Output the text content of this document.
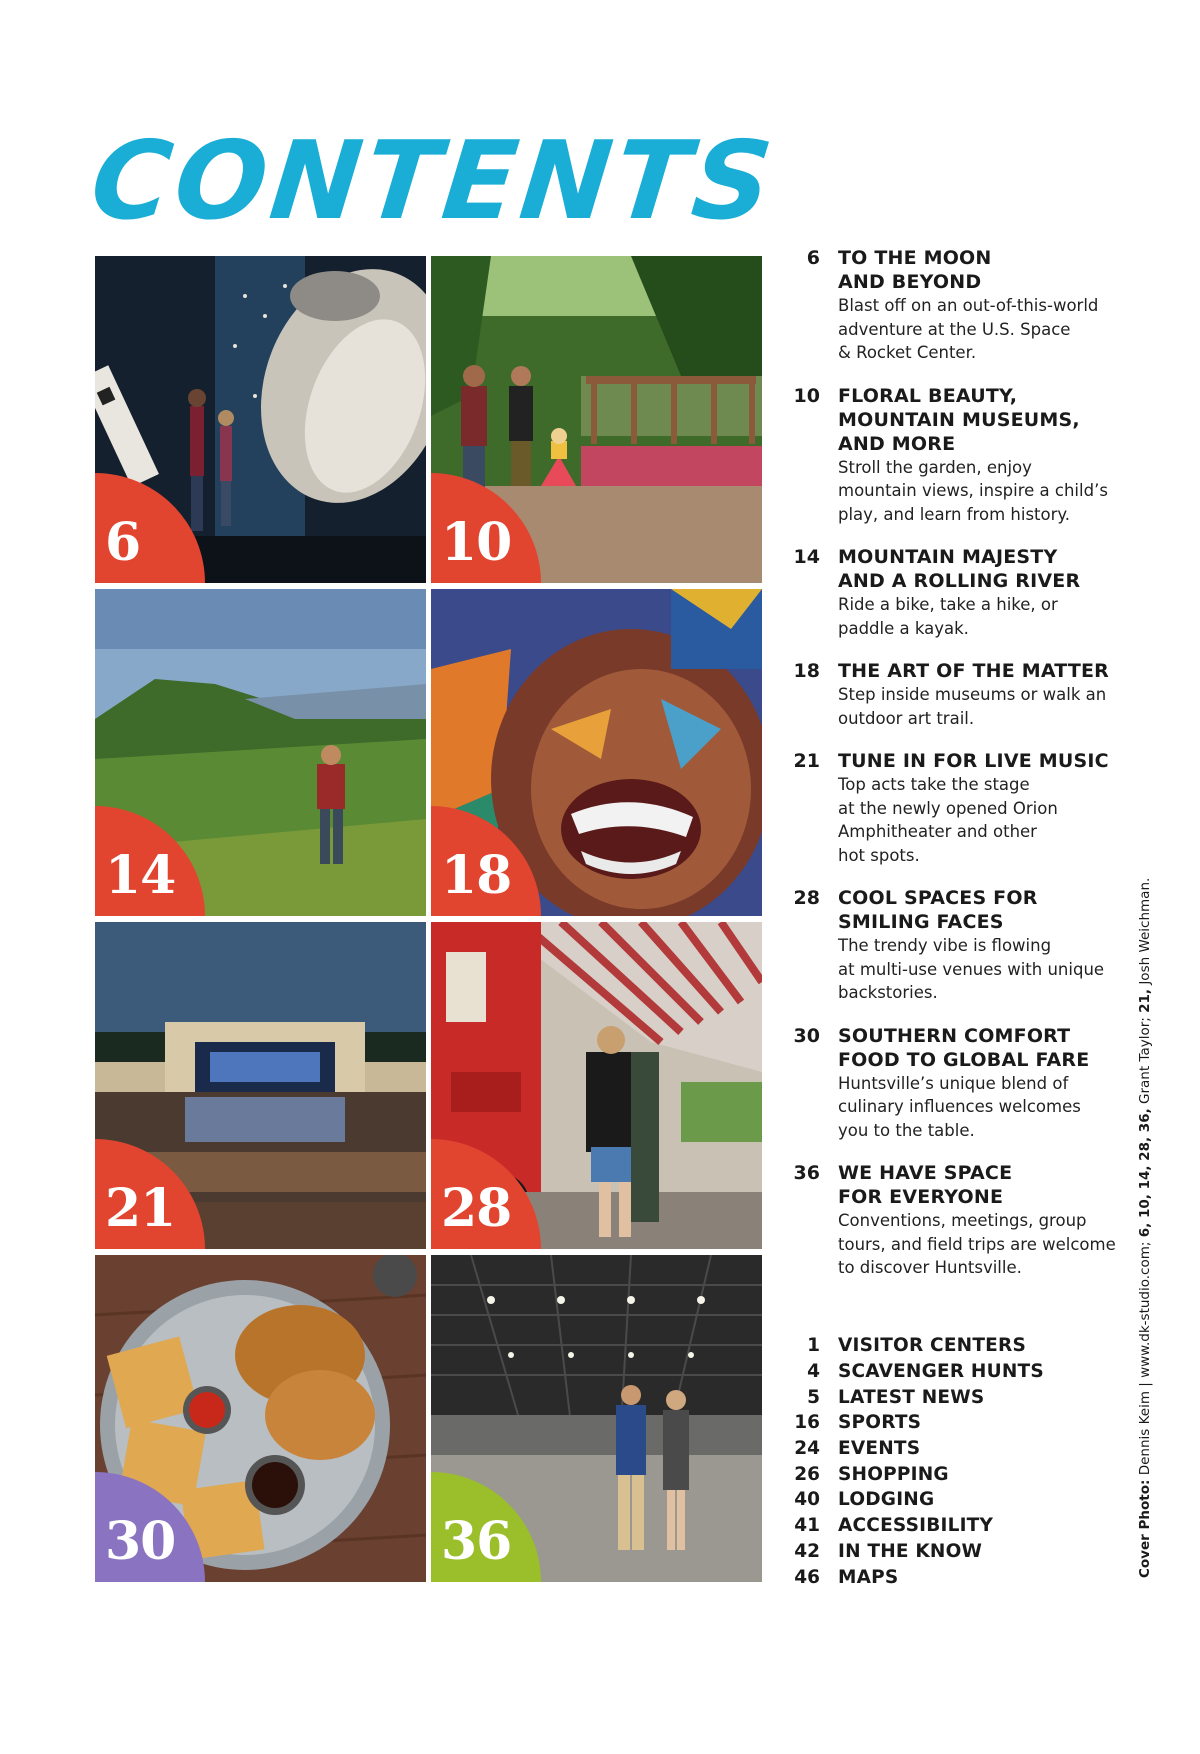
CONTENTS
6	10
14	18
21	28
30	36
6 TO THE MOON
AND BEYOND
Blast off on an out-of-this-world
adventure at the U.S. Space
& Rocket Center.
10 FLORAL BEAUTY,
MOUNTAIN MUSEUMS,
AND MORE
Stroll the garden, enjoy
mountain views, inspire a child’s
play, and learn from history.
14 MOUNTAIN MAJESTY
AND A ROLLING RIVER
Ride a bike, take a hike, or
paddle a kayak.
18 THE ART OF THE MATTER
Step inside museums or walk an
outdoor art trail.
21 TUNE IN FOR LIVE MUSIC
Top acts take the stage
at the newly opened Orion
Amphitheater and other
hot spots.
28 COOL SPACES FOR
SMILING FACES
The trendy vibe is flowing
at multi-use venues with unique
backstories.
30 SOUTHERN COMFORT
FOOD TO GLOBAL FARE
Huntsville’s unique blend of
culinary influences welcomes
you to the table.
36 WE HAVE SPACE
FOR EVERYONE
Conventions, meetings, group
tours, and field trips are welcome
to discover Huntsville.
1 VISITOR CENTERS
4 SCAVENGER HUNTS
5 LATEST NEWS
16 SPORTS
24 EVENTS
26 SHOPPING
40 LODGING
41 ACCESSIBILITY
42 IN THE KNOW
46 MAPS	Cover Photo: Dennis Keim | www.dk-studio.com; 6, 10, 14, 28, 36, Grant Taylor; 21, Josh Weichman.
